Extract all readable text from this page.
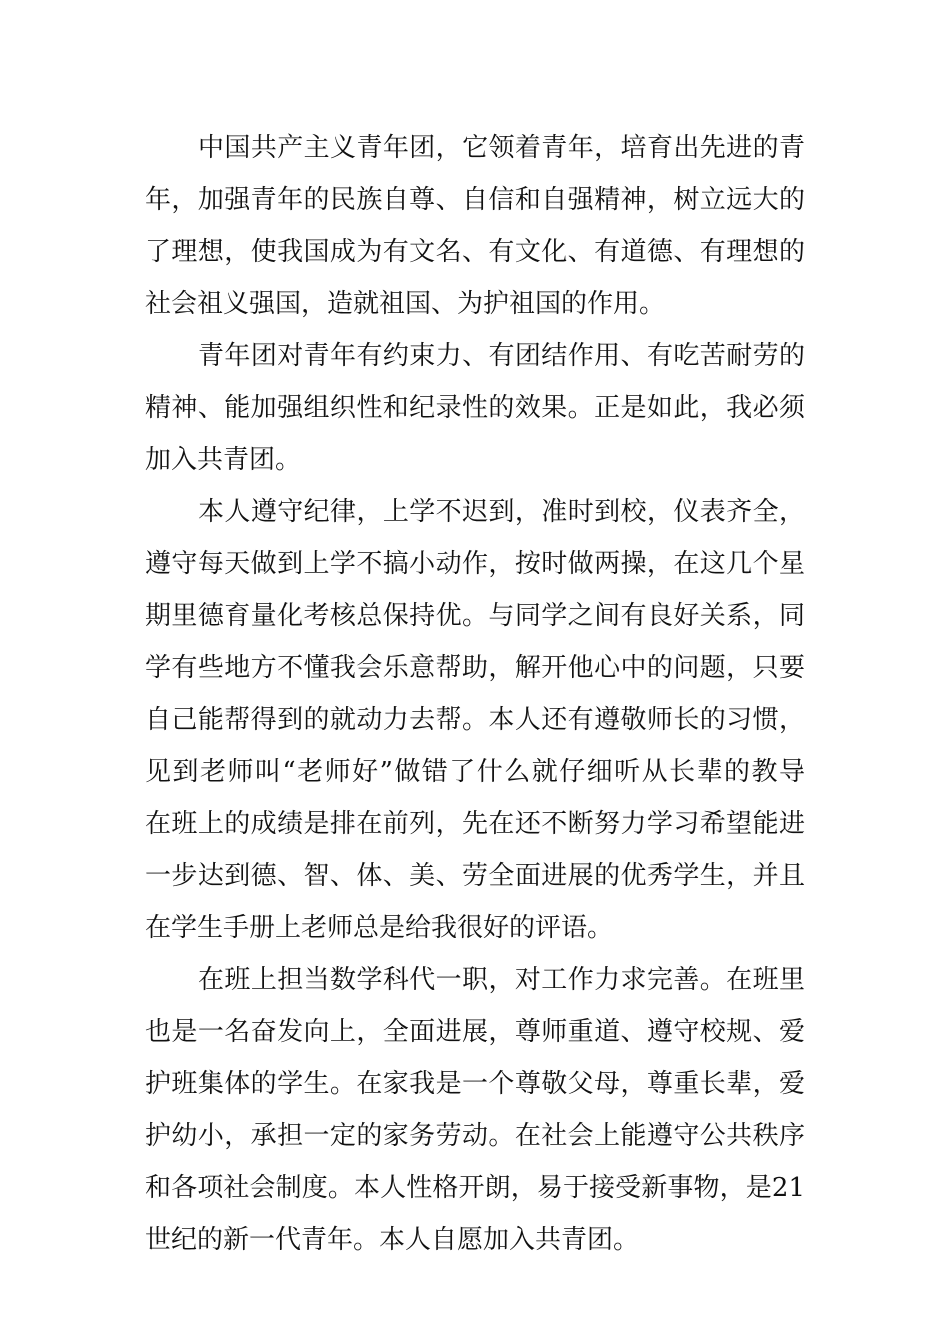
中国共产主义青年团，它领着青年，培育出先进的青
年，加强青年的民族自尊、自信和自强精神，树立远大的
了理想，使我国成为有文名、有文化、有道德、有理想的
社会祖义强国，造就祖国、为护祖国的作用。
青年团对青年有约束力、有团结作用、有吃苦耐劳的
精神、能加强组织性和纪录性的效果。正是如此，我必须
加入共青团。
本人遵守纪律，上学不迟到，准时到校，仪表齐全，
遵守每天做到上学不搞小动作，按时做两操，在这几个星
期里德育量化考核总保持优。与同学之间有良好关系，同
学有些地方不懂我会乐意帮助，解开他心中的问题，只要
自己能帮得到的就动力去帮。本人还有遵敬师长的习惯，
见到老师叫“老师好”做错了什么就仔细听从长辈的教导
在班上的成绩是排在前列，先在还不断努力学习希望能进
一步达到德、智、体、美、劳全面进展的优秀学生，并且
在学生手册上老师总是给我很好的评语。
在班上担当数学科代一职，对工作力求完善。在班里
也是一名奋发向上，全面进展，尊师重道、遵守校规、爱
护班集体的学生。在家我是一个尊敬父母，尊重长辈，爱
护幼小，承担一定的家务劳动。在社会上能遵守公共秩序
和各项社会制度。本人性格开朗，易于接受新事物，是21
世纪的新一代青年。本人自愿加入共青团。
